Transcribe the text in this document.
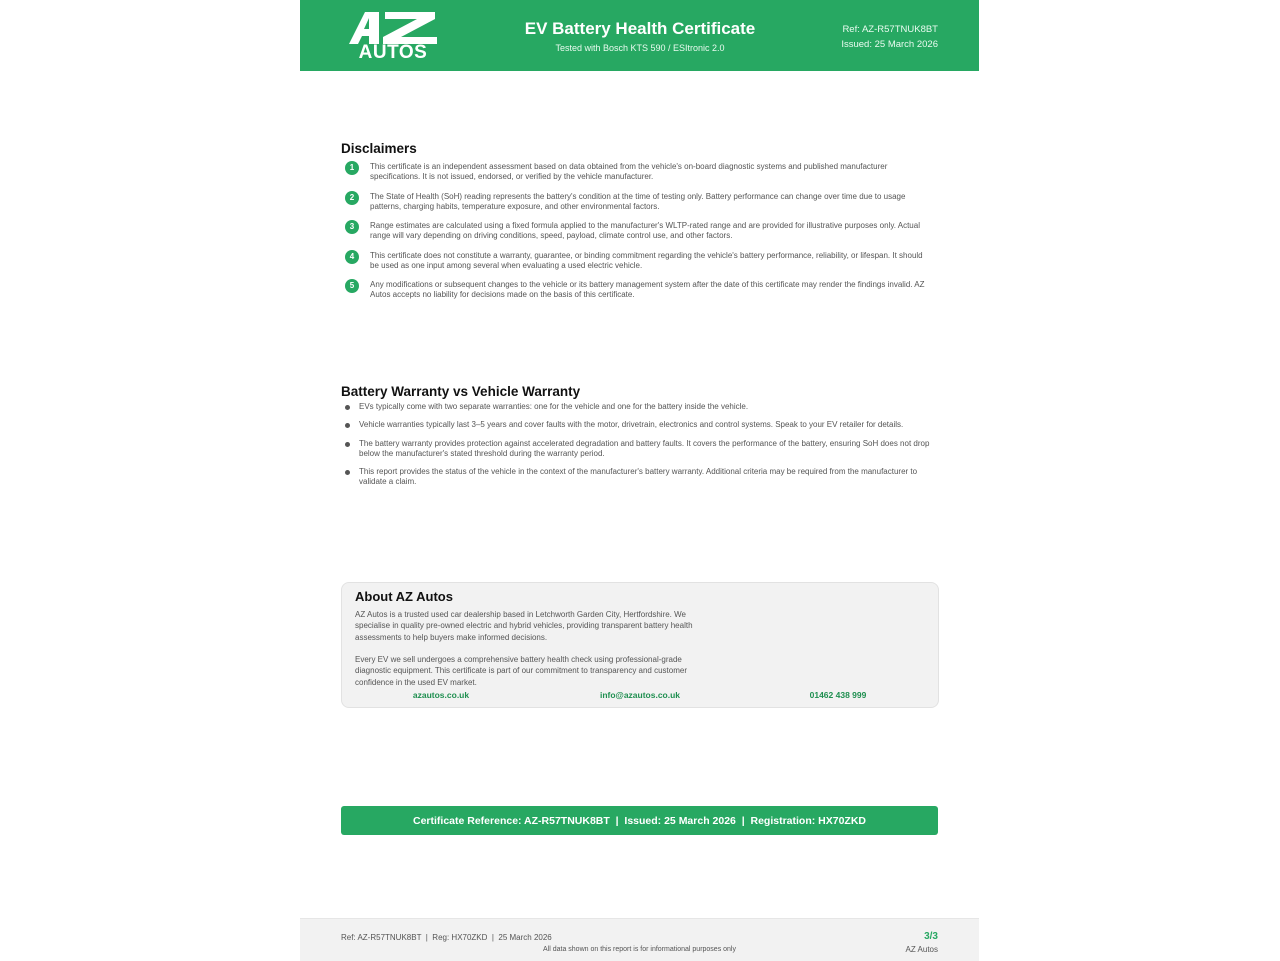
AUTOS
EV Battery Health Certificate
Tested with Bosch KTS 590 / ESItronic 2.0
Ref: AZ-R57TNUK8BT
Issued: 25 March 2026
Disclaimers
1	This certificate is an independent assessment based on data obtained from the vehicle's on-board diagnostic systems and published manufacturer specifications. It is not issued, endorsed, or verified by the vehicle manufacturer.
2	The State of Health (SoH) reading represents the battery's condition at the time of testing only. Battery performance can change over time due to usage patterns, charging habits, temperature exposure, and other environmental factors.
3	Range estimates are calculated using a fixed formula applied to the manufacturer's WLTP-rated range and are provided for illustrative purposes only. Actual range will vary depending on driving conditions, speed, payload, climate control use, and other factors.
4	This certificate does not constitute a warranty, guarantee, or binding commitment regarding the vehicle's battery performance, reliability, or lifespan. It should be used as one input among several when evaluating a used electric vehicle.
5	Any modifications or subsequent changes to the vehicle or its battery management system after the date of this certificate may render the findings invalid. AZ Autos accepts no liability for decisions made on the basis of this certificate.
Battery Warranty vs Vehicle Warranty
EVs typically come with two separate warranties: one for the vehicle and one for the battery inside the vehicle.
Vehicle warranties typically last 3–5 years and cover faults with the motor, drivetrain, electronics and control systems. Speak to your EV retailer for details.
The battery warranty provides protection against accelerated degradation and battery faults. It covers the performance of the battery, ensuring SoH does not drop below the manufacturer's stated threshold during the warranty period.
This report provides the status of the vehicle in the context of the manufacturer's battery warranty. Additional criteria may be required from the manufacturer to validate a claim.
About AZ Autos
AZ Autos is a trusted used car dealership based in Letchworth Garden City, Hertfordshire. We specialise in quality pre-owned electric and hybrid vehicles, providing transparent battery health assessments to help buyers make informed decisions.
Every EV we sell undergoes a comprehensive battery health check using professional-grade diagnostic equipment. This certificate is part of our commitment to transparency and customer confidence in the used EV market.
azautos.co.uk	info@azautos.co.uk	01462 438 999
Certificate Reference: AZ-R57TNUK8BT  |  Issued: 25 March 2026  |  Registration: HX70ZKD
Ref: AZ-R57TNUK8BT  |  Reg: HX70ZKD  |  25 March 2026
All data shown on this report is for informational purposes only
3/3
AZ Autos
